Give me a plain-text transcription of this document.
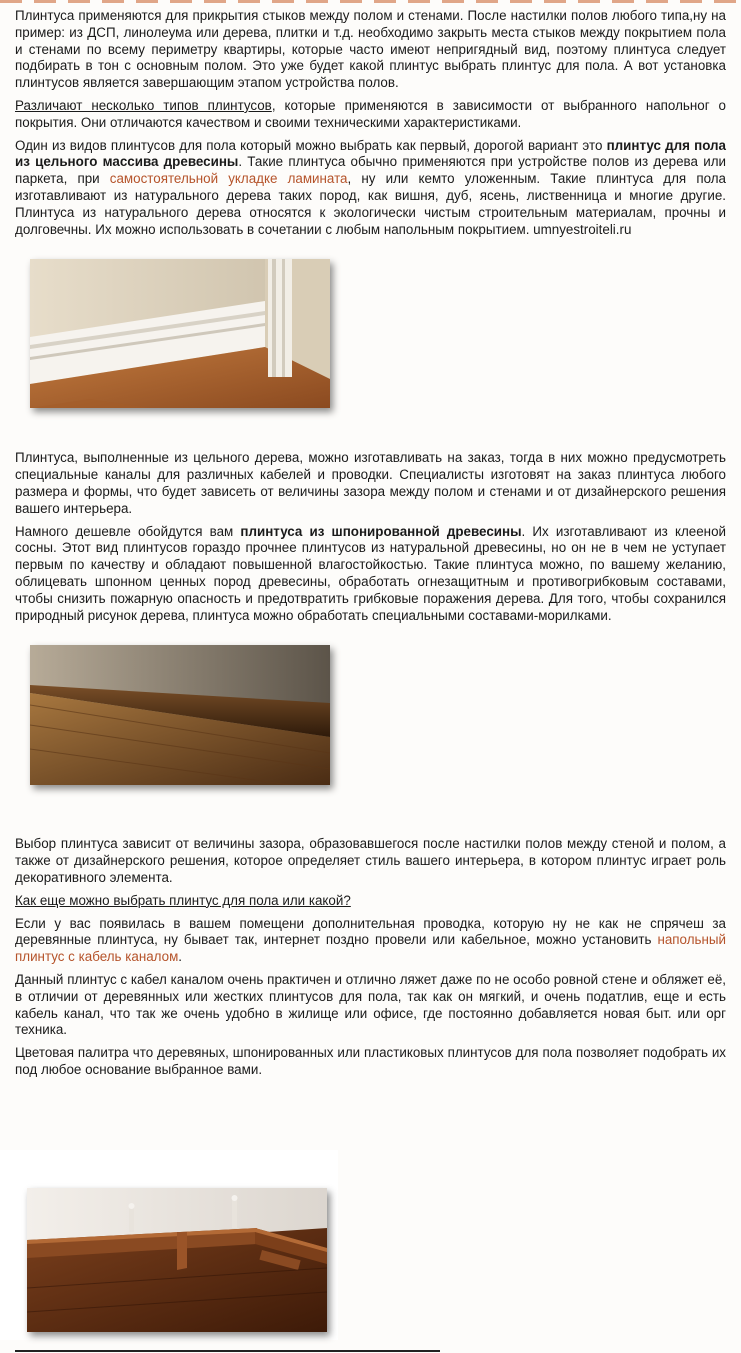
Плинтуса применяются для прикрытия стыков между полом и стенами. После настилки полов любого типа,ну на пример: из ДСП, линолеума или дерева, плитки и т.д. необходимо закрыть места стыков между покрытием пола и стенами по всему периметру квартиры, которые часто имеют непригядный вид, поэтому плинтуса следует подбирать в тон с основным полом. Это уже будет какой плинтус выбрать плинтус для пола. А вот установка плинтусов является завершающим этапом устройства полов.

Различают несколько типов плинтусов, которые применяются в зависимости от выбранного напольног о покрытия. Они отличаются качеством и своими техническими характеристиками.

Один из видов плинтусов для пола который можно выбрать как первый, дорогой вариант это плинтус для пола из цельного массива древесины. Такие плинтуса обычно применяются при устройстве полов из дерева или паркета, при самостоятельной укладке ламината, ну или кемто уложенным. Такие плинтуса для пола изготавливают из натурального дерева таких пород, как вишня, дуб, ясень, лиственница и многие другие. Плинтуса из натурального дерева относятся к экологически чистым строительным материалам, прочны и долговечны. Их можно использовать в сочетании с любым напольным покрытием. umnyestroiteli.ru

Плинтуса, выполненные из цельного дерева, можно изготавливать на заказ, тогда в них можно предусмотреть специальные каналы для различных кабелей и проводки. Специалисты изготовят на заказ плинтуса любого размера и формы, что будет зависеть от величины зазора между полом и стенами и от дизайнерского решения вашего интерьера.

Намного дешевле обойдутся вам плинтуса из шпонированной древесины. Их изготавливают из клееной сосны. Этот вид плинтусов гораздо прочнее плинтусов из натуральной древесины, но он не в чем не уступает первым по качеству и обладают повышенной влагостойкостью. Такие плинтуса можно, по вашему желанию, облицевать шпонном ценных пород древесины, обработать огнезащитным и противогрибковым составами, чтобы снизить пожарную опасность и предотвратить грибковые поражения дерева. Для того, чтобы сохранился природный рисунок дерева, плинтуса можно обработать специальными составами-морилками.

Выбор плинтуса зависит от величины зазора, образовавшегося после настилки полов между стеной и полом, а также от дизайнерского решения, которое определяет стиль вашего интерьера, в котором плинтус играет роль декоративного элемента.

Как еще можно выбрать плинтус для пола или какой?

Если у вас появилась в вашем помещени дополнительная проводка, которую ну не как не спрячеш за деревянные плинтуса, ну бывает так, интернет поздно провели или кабельное, можно установить напольный плинтус с кабель каналом.

Данный плинтус с кабел каналом очень практичен и отлично ляжет даже по не особо ровной стене и обляжет её, в отличии от деревянных или жестких плинтусов для пола, так как он мягкий, и очень податлив, еще и есть кабель канал, что так же очень удобно в жилище или офисе, где постоянно добавляется новая быт. или орг техника.

Цветовая палитра что деревяных, шпонированных или пластиковых плинтусов для пола позволяет подобрать их под любое основание выбранное вами.
